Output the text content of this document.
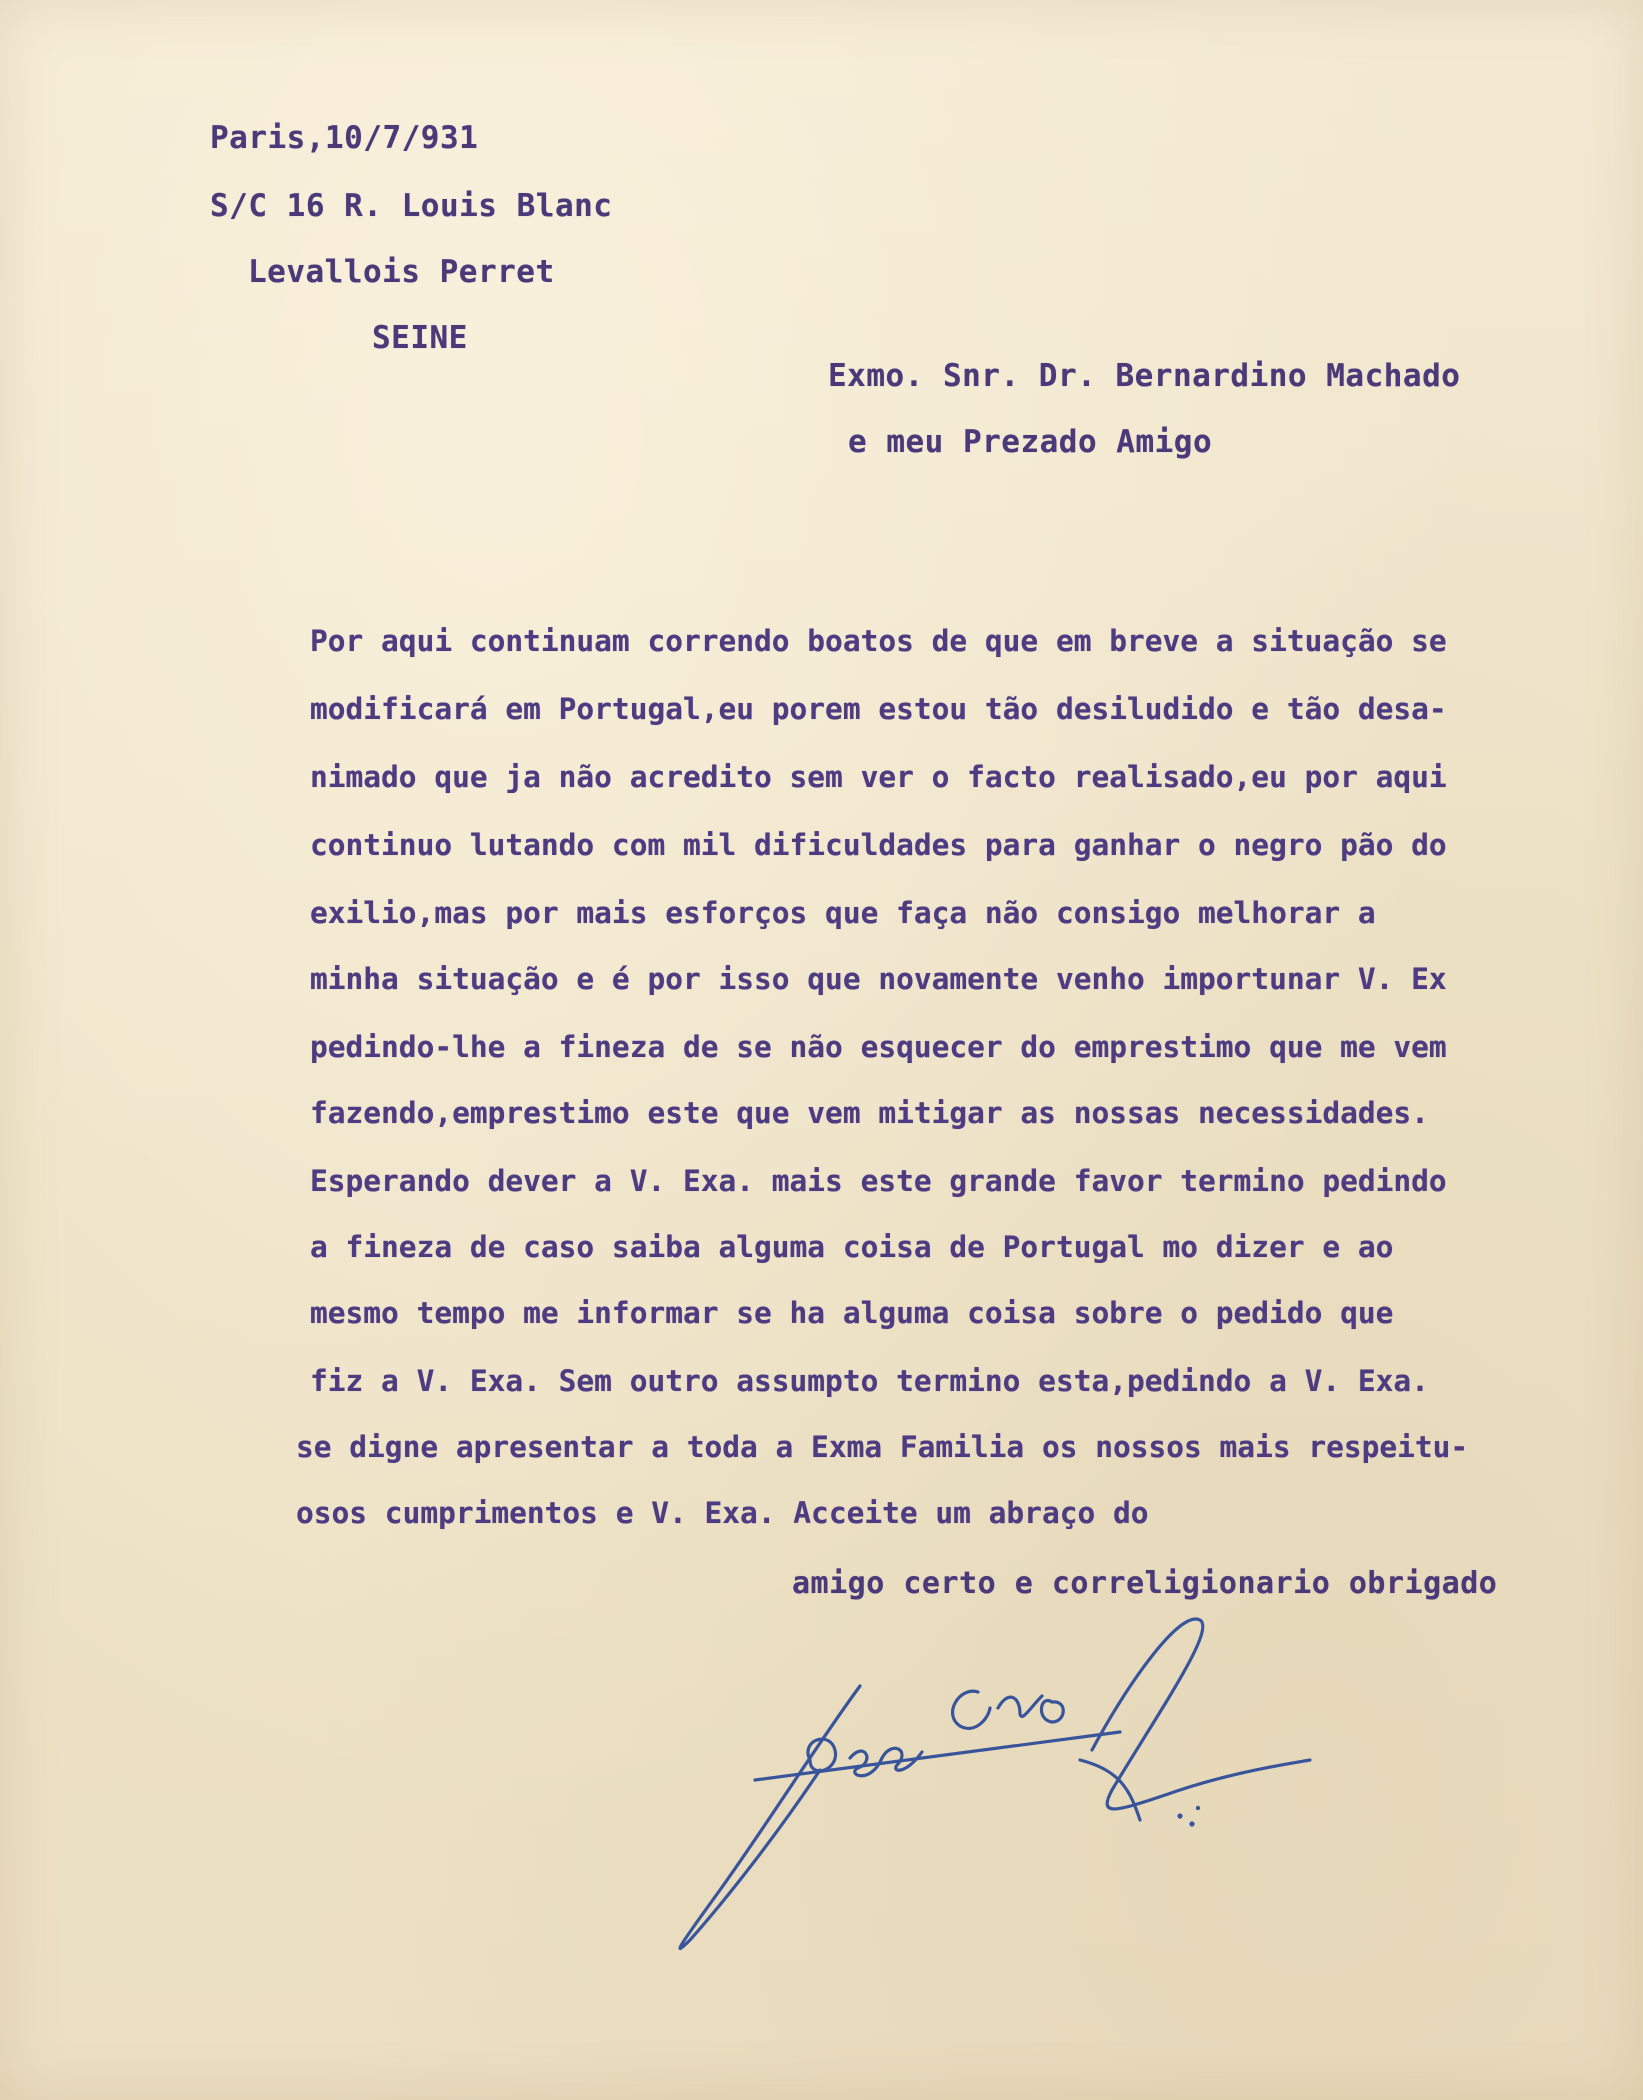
Paris,10/7/931
S/C 16 R. Louis Blanc
Levallois Perret
SEINE
Exmo. Snr. Dr. Bernardino Machado
e meu Prezado Amigo
Por aqui continuam correndo boatos de que em breve a situação se
modificará em Portugal,eu porem estou tão desiludido e tão desa-
nimado que ja não acredito sem ver o facto realisado,eu por aqui
continuo lutando com mil dificuldades para ganhar o negro pão do
exilio,mas por mais esforços que faça não consigo melhorar a
minha situação e é por isso que novamente venho importunar V. Ex
pedindo-lhe a fineza de se não esquecer do emprestimo que me vem
fazendo,emprestimo este que vem mitigar as nossas necessidades.
Esperando dever a V. Exa. mais este grande favor termino pedindo
a fineza de caso saiba alguma coisa de Portugal mo dizer e ao
mesmo tempo me informar se ha alguma coisa sobre o pedido que
fiz a V. Exa. Sem outro assumpto termino esta,pedindo a V. Exa.
se digne apresentar a toda a Exma Familia os nossos mais respeitu-
osos cumprimentos e V. Exa. Acceite um abraço do
amigo certo e correligionario obrigado
